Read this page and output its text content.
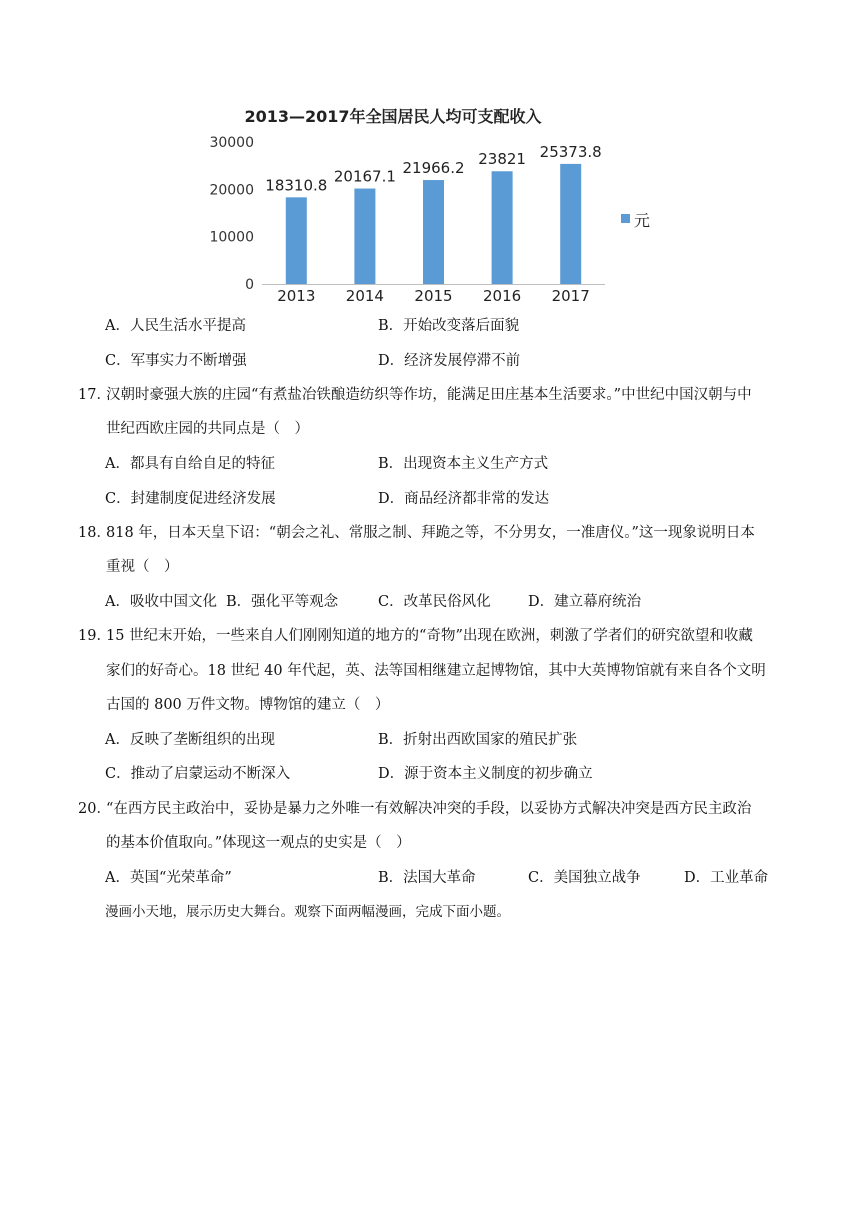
2013—2017年全国居民人均可支配收入
30000
20000
10000
0
18310.8
2013
20167.1
2014
21966.2
2015
23821
2016
25373.8
2017
元
A．人民生活水平提高	B．开始改变落后面貌
C．军事实力不断增强	D．经济发展停滞不前
17．
汉朝时豪强大族的庄园“有煮盐冶铁酿造纺织等作坊，能满足田庄基本生活要求。”中世纪中国汉朝与中
世纪西欧庄园的共同点是（　）
A．都具有自给自足的特征	B．出现资本主义生产方式
C．封建制度促进经济发展	D．商品经济都非常的发达
18．
818 年，日本天皇下诏：“朝会之礼、常服之制、拜跪之等，不分男女，一准唐仪。”这一现象说明日本
重视（　）
A．吸收中国文化 B．强化平等观念	C．改革民俗风化	D．建立幕府统治
19．
15 世纪末开始，一些来自人们刚刚知道的地方的“奇物”出现在欧洲，刺激了学者们的研究欲望和收藏
家们的好奇心。18 世纪 40 年代起，英、法等国相继建立起博物馆，其中大英博物馆就有来自各个文明
古国的 800 万件文物。博物馆的建立（　）
A．反映了垄断组织的出现	B．折射出西欧国家的殖民扩张
C．推动了启蒙运动不断深入	D．源于资本主义制度的初步确立
20．
“在西方民主政治中，妥协是暴力之外唯一有效解决冲突的手段，以妥协方式解决冲突是西方民主政治
的基本价值取向。”体现这一观点的史实是（　）
A．英国“光荣革命”	B．法国大革命	C．美国独立战争	D．工业革命
漫画小天地，展示历史大舞台。观察下面两幅漫画，完成下面小题。
